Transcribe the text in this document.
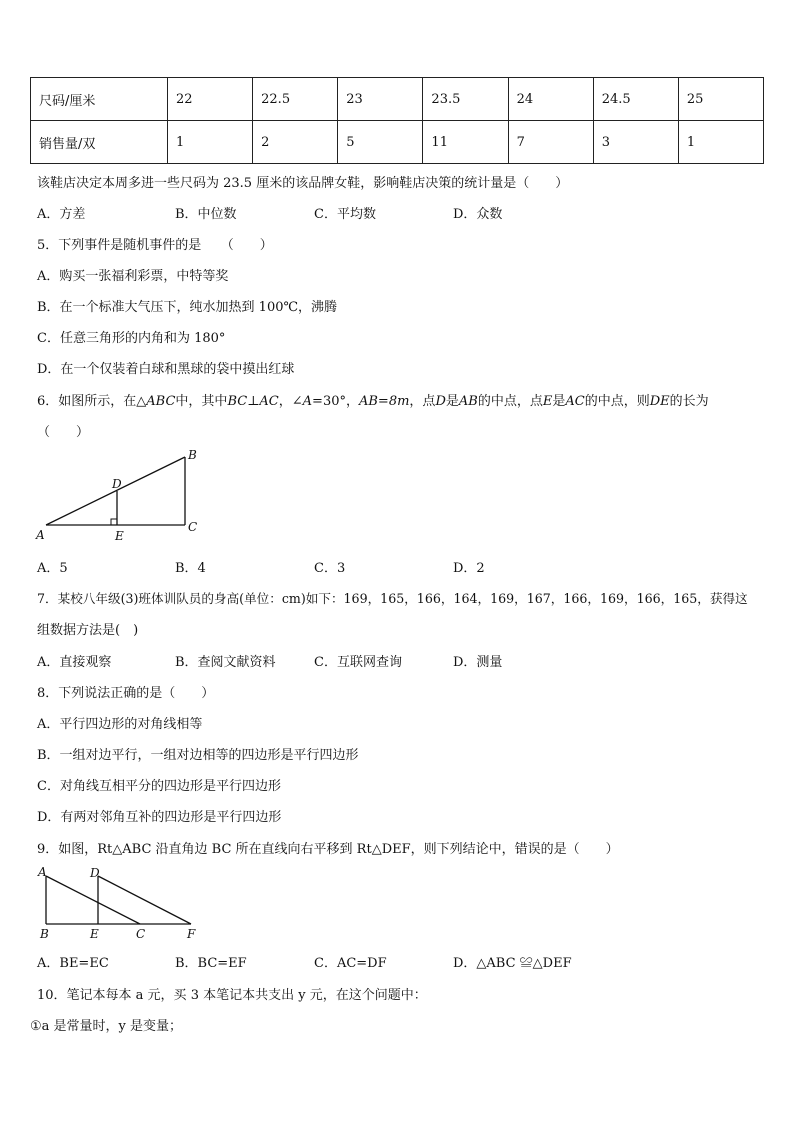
尺码/厘米	22	22.5	23	23.5	24	24.5	25
销售量/双	1	2	5	11	7	3	1
该鞋店决定本周多进一些尺码为 23.5 厘米的该品牌女鞋，影响鞋店决策的统计量是（　　）
A．方差	B．中位数	C．平均数	D．众数
5．下列事件是随机事件的是　　（　　）
A．购买一张福利彩票，中特等奖
B．在一个标准大气压下，纯水加热到 100℃，沸腾
C．任意三角形的内角和为 180°
D．在一个仅装着白球和黑球的袋中摸出红球
6．如图所示，在△ABC中，其中BC⊥AC，∠A=30°，AB=8m，点D是AB的中点，点E是AC的中点，则DE的长为
（　　）
A
B
C
D
E
A．5	B．4	C．3	D．2
7．某校八年级(3)班体训队员的身高(单位：cm)如下：169，165，166，164，169，167，166，169，166，165，获得这
组数据方法是(　)
A．直接观察	B．查阅文献资料	C．互联网查询	D．测量
8．下列说法正确的是（　　）
A．平行四边形的对角线相等
B．一组对边平行，一组对边相等的四边形是平行四边形
C．对角线互相平分的四边形是平行四边形
D．有两对邻角互补的四边形是平行四边形
9．如图，Rt△ABC 沿直角边 BC 所在直线向右平移到 Rt△DEF，则下列结论中，错误的是（　　）
A
B	C
D
E	F
A．BE=EC	B．BC=EF	C．AC=DF	D．△ABC ≌△DEF
10．笔记本每本 a 元，买 3 本笔记本共支出 y 元，在这个问题中：
①a 是常量时，y 是变量；
